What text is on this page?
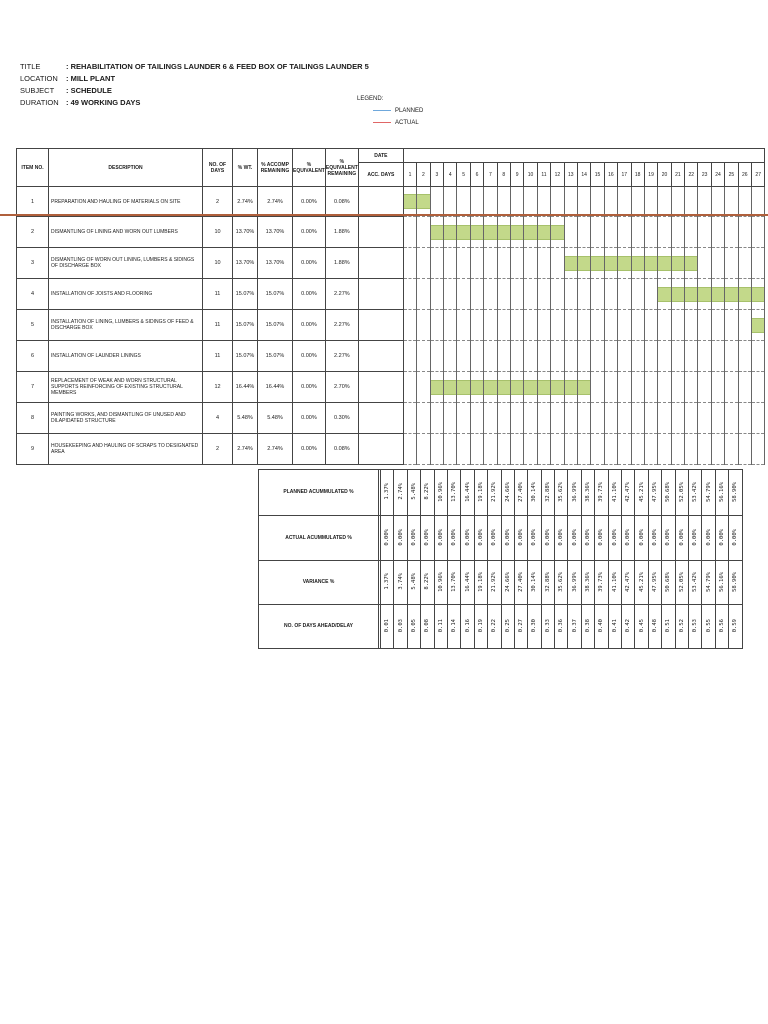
TITLE	: REHABILITATION OF TAILINGS LAUNDER 6 & FEED BOX OF TAILINGS LAUNDER 5
LOCATION : MILL PLANT
SUBJECT : SCHEDULE
DURATION : 49 WORKING DAYS	LEGEND:
PLANNED
ACTUAL
ITEM NO.	DESCRIPTION	NO. OF DAYS	% WT.	% ACCOMP REMAINING	% EQUIVALENT	% EQUIVALENT REMAINING	DATE																											
							ACC. DAYS	1	2	3	4	5	6	7	8	9	10	11	12	13	14	15	16	17	18	19	20	21	22	23	24	25	26	27
1	PREPARATION AND HAULING OF MATERIALS ON SITE	2	2.74%	2.74%	0.00%	0.08%		

2	DISMANTLING OF LINING AND WORN OUT LUMBERS	10	13.70%	13.70%	0.00%	1.88%				

3	DISMANTLING OF WORN OUT LINING, LUMBERS & SIDINGS OF DISCHARGE BOX	10	13.70%	13.70%	0.00%	1.88%														

4	INSTALLATION OF JOISTS AND FLOORING	11	15.07%	15.07%	0.00%	2.27%																					

5	INSTALLATION OF LINING, LUMBERS & SIDINGS OF FEED & DISCHARGE BOX	11	15.07%	15.07%	0.00%	2.27%																												

6	INSTALLATION OF LAUNDER LININGS	11	15.07%	15.07%	0.00%	2.27%																												
7	REPLACEMENT OF WEAK AND WORN STRUCTURAL SUPPORTS REINFORCING OF EXISTING STRUCTURAL MEMBERS	12	16.44%	16.44%	0.00%	2.70%				

8	PAINTING WORKS, AND DISMANTLING OF UNUSED AND DILAPIDATED STRUCTURE	4	5.48%	5.48%	0.00%	0.30%																												
9	HOUSEKEEPING AND HAULING OF SCRAPS TO DESIGNATED AREA	2	2.74%	2.74%	0.00%	0.08%																												
PLANNED ACUMMULATED %		1.37%	2.74%	5.48%	8.22%	10.96%	13.70%	16.44%	19.18%	21.92%	24.66%	27.40%	30.14%	32.88%	35.62%	36.99%	38.36%	39.73%	41.10%	42.47%	45.21%	47.95%	50.68%	52.05%	53.42%	54.79%	56.16%	58.90%
ACTUAL ACUMMULATED %		0.00%	0.00%	0.00%	0.00%	0.00%	0.00%	0.00%	0.00%	0.00%	0.00%	0.00%	0.00%	0.00%	0.00%	0.00%	0.00%	0.00%	0.00%	0.00%	0.00%	0.00%	0.00%	0.00%	0.00%	0.00%	0.00%	0.00%
VARIANCE %		1.37%	3.74%	5.48%	8.22%	10.96%	13.70%	16.44%	19.18%	21.92%	24.66%	27.40%	30.14%	32.88%	35.62%	36.99%	38.36%	39.73%	41.10%	42.47%	45.21%	47.95%	50.68%	52.05%	53.42%	54.79%	56.16%	58.90%
NO. OF DAYS AHEAD/DELAY		0.01	0.03	0.05	0.08	0.11	0.14	0.16	0.19	0.22	0.25	0.27	0.30	0.33	0.36	0.37	0.38	0.40	0.41	0.42	0.45	0.48	0.51	0.52	0.53	0.55	0.56	0.59
